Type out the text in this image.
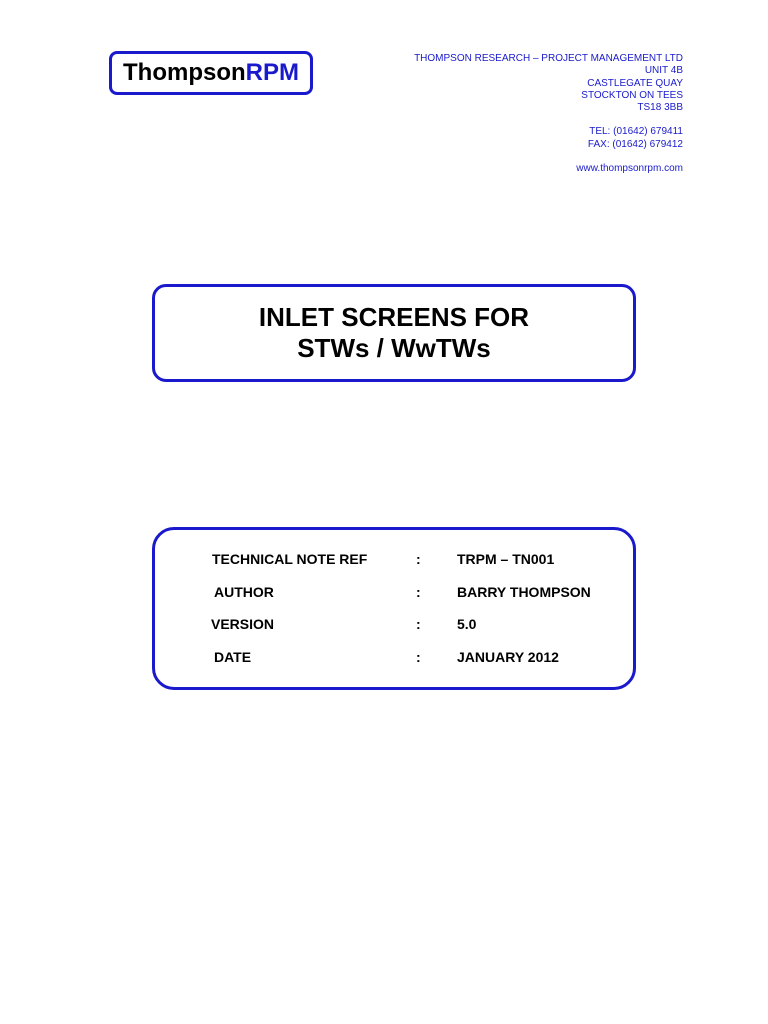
Thompson RPM
THOMPSON RESEARCH – PROJECT MANAGEMENT LTD
UNIT 4B
CASTLEGATE QUAY
STOCKTON ON TEES
TS18 3BB
TEL: (01642) 679411
FAX: (01642) 679412
www.thompsonrpm.com
INLET SCREENS FOR
STWs / WwTWs
TECHNICAL NOTE REF	:	TRPM – TN001
AUTHOR	:	BARRY THOMPSON
VERSION	:	5.0
DATE	:	JANUARY 2012
